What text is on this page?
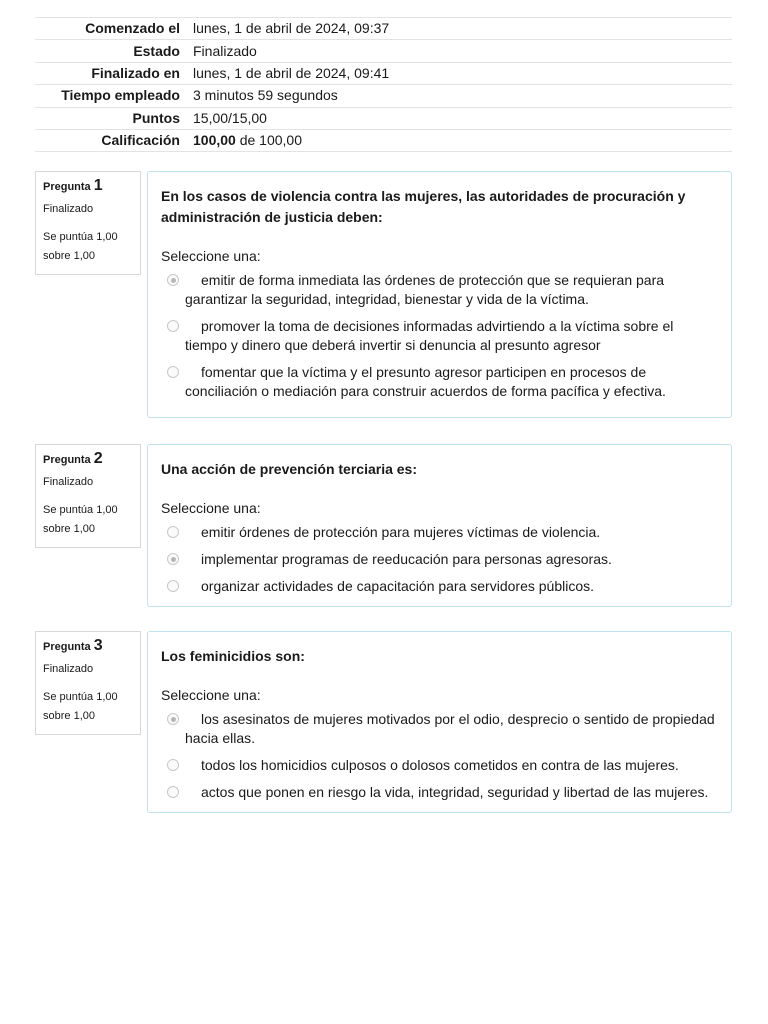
Comenzado el	lunes, 1 de abril de 2024, 09:37
Estado	Finalizado
Finalizado en	lunes, 1 de abril de 2024, 09:41
Tiempo empleado	3 minutos 59 segundos
Puntos	15,00/15,00
Calificación	100,00 de 100,00
Pregunta 1
Finalizado
Se puntúa 1,00 sobre 1,00
En los casos de violencia contra las mujeres, las autoridades de procuración y administración de justicia deben:
Seleccione una:
emitir de forma inmediata las órdenes de protección que se requieran para garantizar la seguridad, integridad, bienestar y vida de la víctima.
promover la toma de decisiones informadas advirtiendo a la víctima sobre el tiempo y dinero que deberá invertir si denuncia al presunto agresor
fomentar que la víctima y el presunto agresor participen en procesos de conciliación o mediación para construir acuerdos de forma pacífica y efectiva.
Pregunta 2
Finalizado
Se puntúa 1,00 sobre 1,00
Una acción de prevención terciaria es:
Seleccione una:
emitir órdenes de protección para mujeres víctimas de violencia.
implementar programas de reeducación para personas agresoras.
organizar actividades de capacitación para servidores públicos.
Pregunta 3
Finalizado
Se puntúa 1,00 sobre 1,00
Los feminicidios son:
Seleccione una:
los asesinatos de mujeres motivados por el odio, desprecio o sentido de propiedad hacia ellas.
todos los homicidios culposos o dolosos cometidos en contra de las mujeres.
actos que ponen en riesgo la vida, integridad, seguridad y libertad de las mujeres.
